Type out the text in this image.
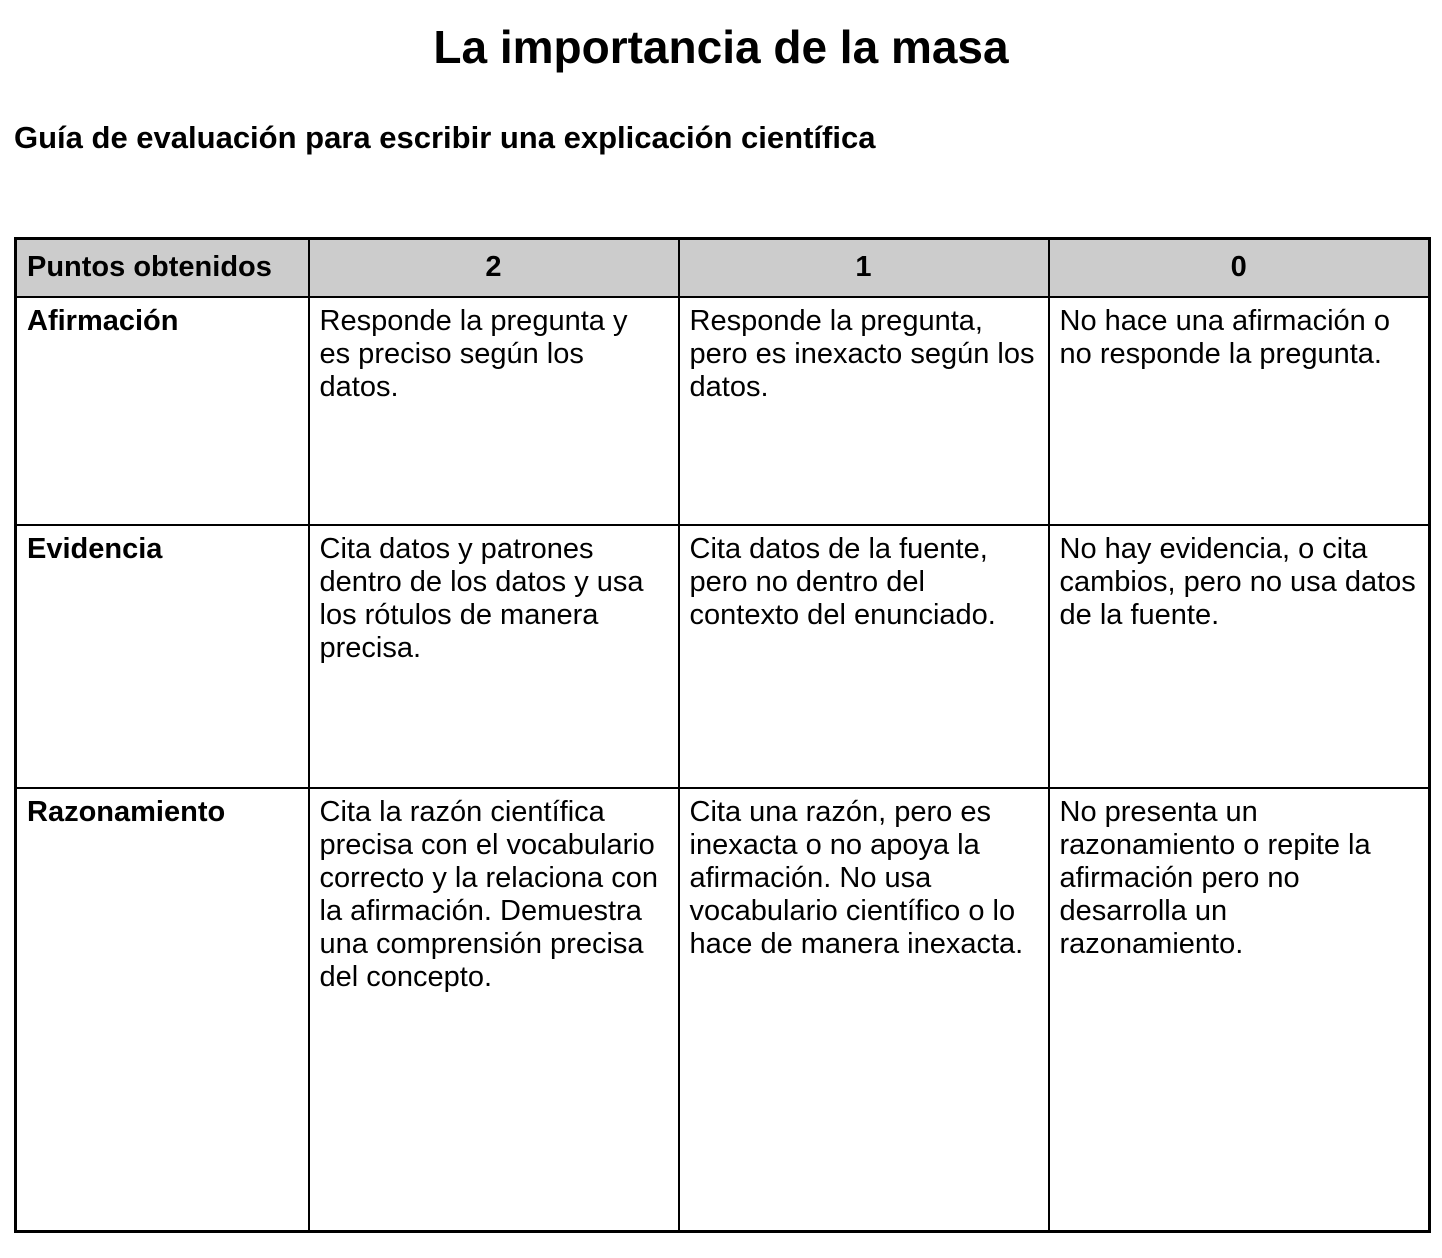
La importancia de la masa
Guía de evaluación para escribir una explicación científica
Puntos obtenidos	2	1	0
Afirmación	Responde la pregunta y es preciso según los datos.	Responde la pregunta, pero es inexacto según los datos.	No hace una afirmación o no responde la pregunta.
Evidencia	Cita datos y patrones dentro de los datos y usa los rótulos de manera precisa.	Cita datos de la fuente, pero no dentro del contexto del enunciado.	No hay evidencia, o cita cambios, pero no usa datos de la fuente.
Razonamiento	Cita la razón científica precisa con el vocabulario correcto y la relaciona con la afirmación. Demuestra una comprensión precisa del concepto.	Cita una razón, pero es inexacta o no apoya la afirmación. No usa vocabulario científico o lo hace de manera inexacta.	No presenta un razonamiento o repite la afirmación pero no desarrolla un razonamiento.
